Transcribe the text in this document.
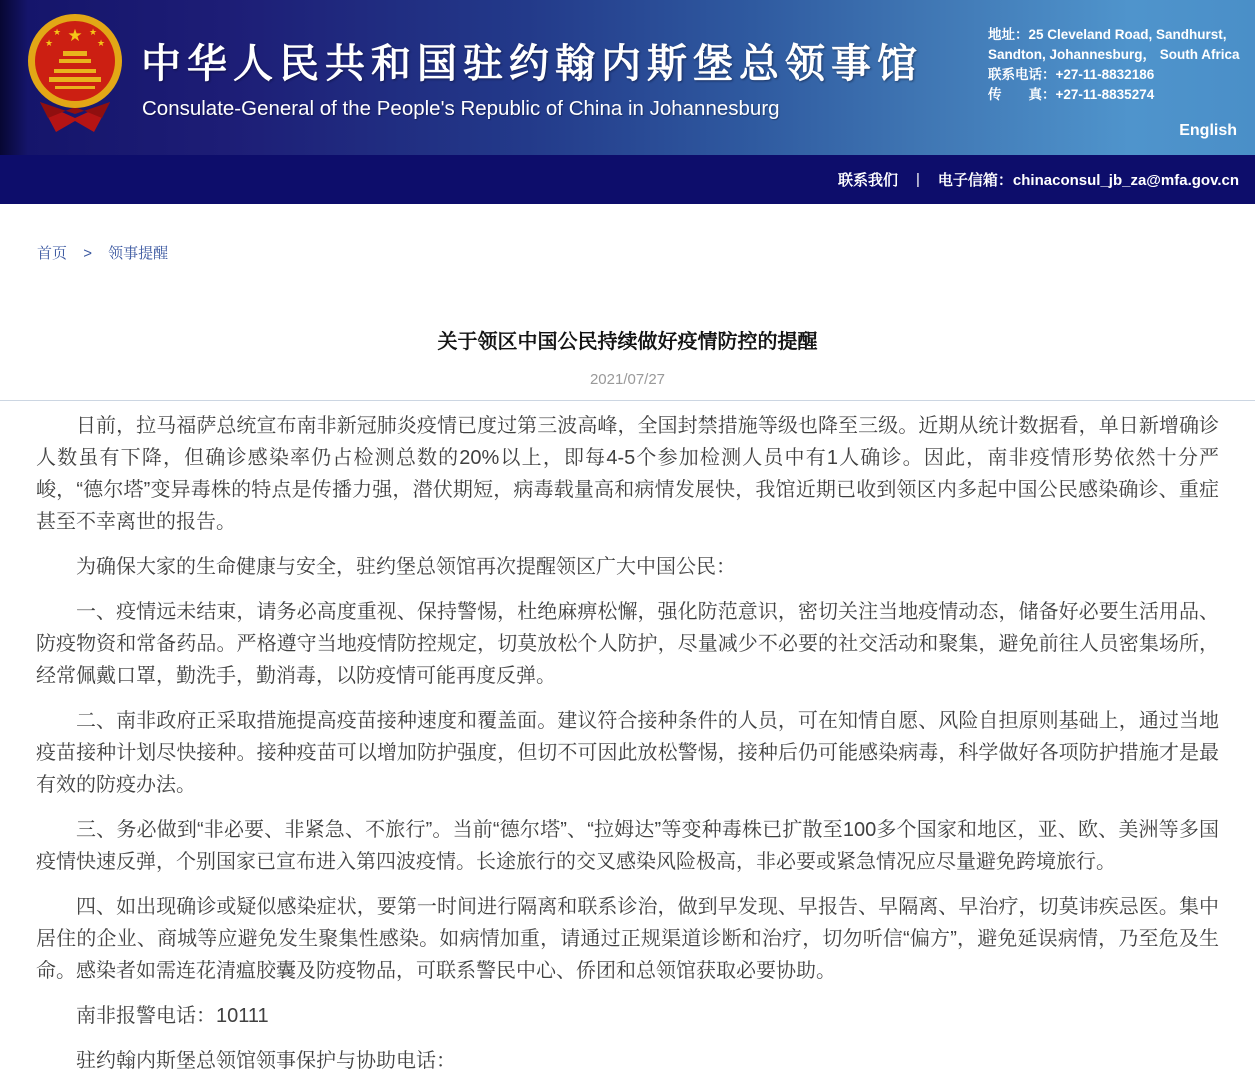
★
★	★
★	★ 中华人民共和国驻约翰内斯堡总领事馆
Consulate-General of the People's Republic of China in Johannesburg
地址：25 Cleveland Road, Sandhurst, Sandton, Johannesburg， South Africa
联系电话：+27-11-8832186
传　　真：+27-11-8835274
English
联系我们 | 电子信箱：chinaconsul_jb_za@mfa.gov.cn
首页 > 领事提醒
关于领区中国公民持续做好疫情防控的提醒
2021/07/27

日前，拉马福萨总统宣布南非新冠肺炎疫情已度过第三波高峰，全国封禁措施等级也降至三级。近期从统计数据看，单日新增确诊人数虽有下降，但确诊感染率仍占检测总数的20%以上，即每4-5个参加检测人员中有1人确诊。因此，南非疫情形势依然十分严峻，“德尔塔”变异毒株的特点是传播力强，潜伏期短，病毒载量高和病情发展快，我馆近期已收到领区内多起中国公民感染确诊、重症甚至不幸离世的报告。

为确保大家的生命健康与安全，驻约堡总领馆再次提醒领区广大中国公民：

一、疫情远未结束，请务必高度重视、保持警惕，杜绝麻痹松懈，强化防范意识，密切关注当地疫情动态，储备好必要生活用品、防疫物资和常备药品。严格遵守当地疫情防控规定，切莫放松个人防护，尽量减少不必要的社交活动和聚集，避免前往人员密集场所，经常佩戴口罩，勤洗手，勤消毒，以防疫情可能再度反弹。

二、南非政府正采取措施提高疫苗接种速度和覆盖面。建议符合接种条件的人员，可在知情自愿、风险自担原则基础上，通过当地疫苗接种计划尽快接种。接种疫苗可以增加防护强度，但切不可因此放松警惕，接种后仍可能感染病毒，科学做好各项防护措施才是最有效的防疫办法。

三、务必做到“非必要、非紧急、不旅行”。当前“德尔塔”、“拉姆达”等变种毒株已扩散至100多个国家和地区，亚、欧、美洲等多国疫情快速反弹，个别国家已宣布进入第四波疫情。长途旅行的交叉感染风险极高，非必要或紧急情况应尽量避免跨境旅行。

四、如出现确诊或疑似感染症状，要第一时间进行隔离和联系诊治，做到早发现、早报告、早隔离、早治疗，切莫讳疾忌医。集中居住的企业、商城等应避免发生聚集性感染。如病情加重，请通过正规渠道诊断和治疗，切勿听信“偏方”，避免延误病情，乃至危及生命。感染者如需连花清瘟胶囊及防疫物品，可联系警民中心、侨团和总领馆获取必要协助。

南非报警电话：10111

驻约翰内斯堡总领馆领事保护与协助电话：
